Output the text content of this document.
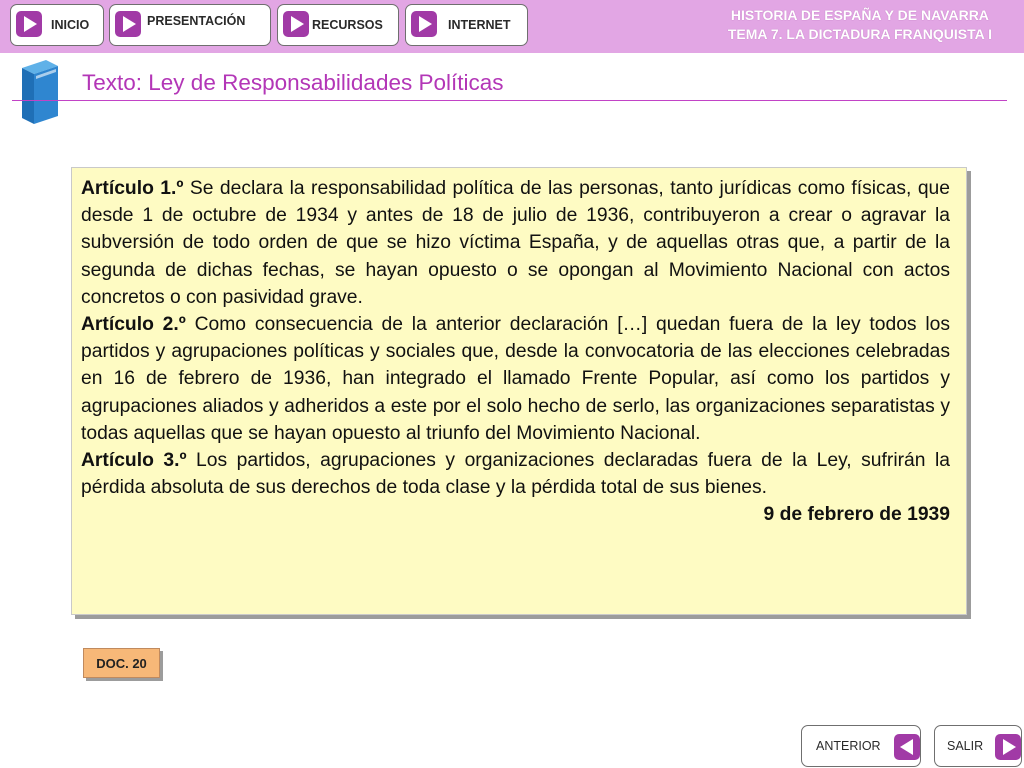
INICIO	PRESENTACIÓN	RECURSOS	INTERNET
HISTORIA DE ESPAÑA Y DE NAVARRA
TEMA 7. LA DICTADURA FRANQUISTA I
Texto: Ley de Responsabilidades Políticas

Artículo 1.º Se declara la responsabilidad política de las personas, tanto jurídicas como físicas, que desde 1 de octubre de 1934 y antes de 18 de julio de 1936, contribuyeron a crear o agravar la subversión de todo orden de que se hizo víctima España, y de aquellas otras que, a partir de la segunda de dichas fechas, se hayan opuesto o se opongan al Movimiento Nacional con actos concretos o con pasividad grave.

Artículo 2.º Como consecuencia de la anterior declaración […] quedan fuera de la ley todos los partidos y agrupaciones políticas y sociales que, desde la convocatoria de las elecciones celebradas en 16 de febrero de 1936, han integrado el llamado Frente Popular, así como los partidos y agrupaciones aliados y adheridos a este por el solo hecho de serlo, las organizaciones separatistas y todas aquellas que se hayan opuesto al triunfo del Movimiento Nacional.

Artículo 3.º Los partidos, agrupaciones y organizaciones declaradas fuera de la Ley, sufrirán la pérdida absoluta de sus derechos de toda clase y la pérdida total de sus bienes.

9 de febrero de 1939

DOC. 20
ANTERIOR	SALIR
